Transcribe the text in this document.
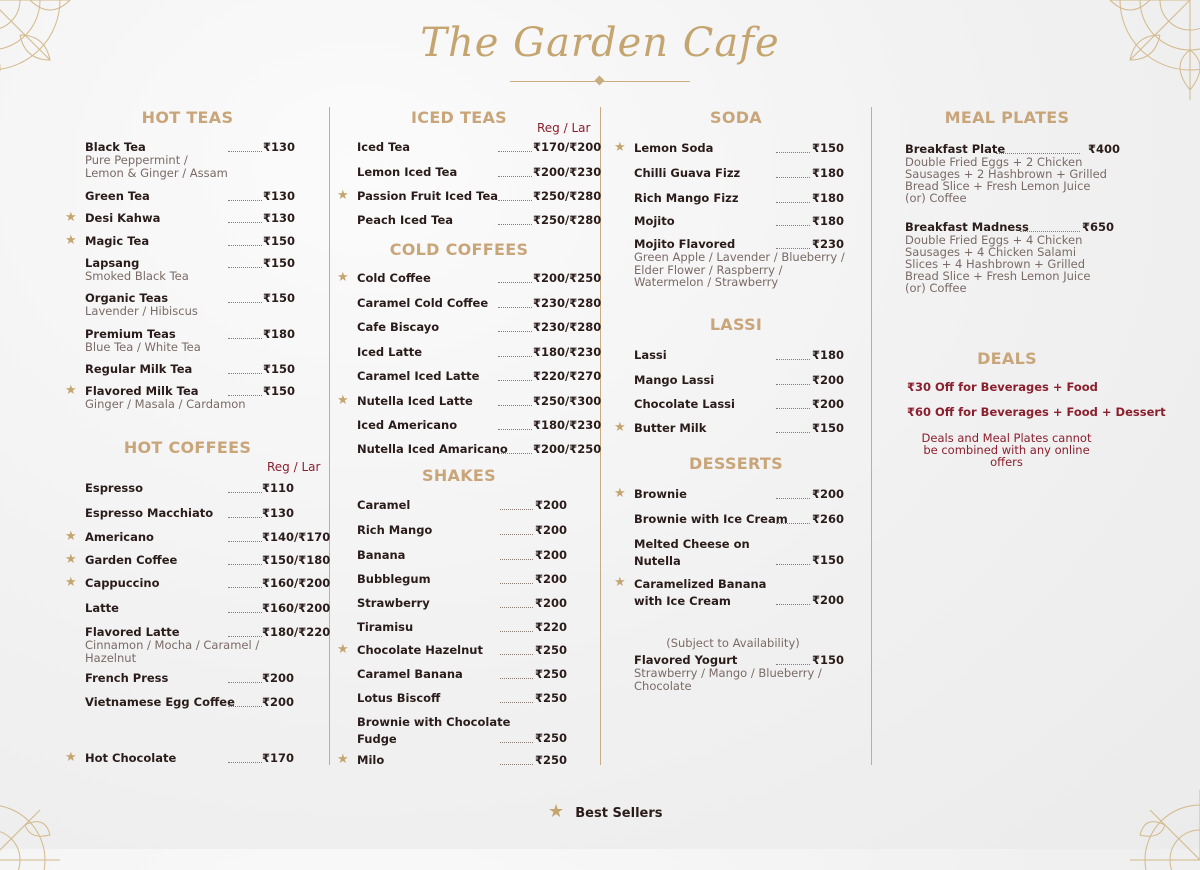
The Garden Cafe
HOT TEAS
HOT COFFEES
Reg / Lar
ICED TEAS
Reg / Lar
COLD COFFEES
SHAKES
SODA
LASSI
DESSERTS
MEAL PLATES
DEALS
Black Tea
Pure Peppermint /
Lemon & Ginger / Assam
₹130
Green Tea	₹130
Desi Kahwa	₹130
★
Magic Tea	₹150
★
Lapsang
Smoked Black Tea
₹150
Organic Teas
Lavender / Hibiscus
₹150
Premium Teas
Blue Tea / White Tea
₹180
Regular Milk Tea	₹150
Flavored Milk Tea
Ginger / Masala / Cardamon
₹150
★
Espresso	₹110
Espresso Macchiato	₹130
Americano	₹140/₹170
★
Garden Coffee	₹150/₹180
★
Cappuccino	₹160/₹200
★
Latte	₹160/₹200
Flavored Latte
Cinnamon / Mocha / Caramel /
Hazelnut
₹180/₹220
French Press	₹200
Vietnamese Egg Coffee	₹200
Hot Chocolate	₹170
★
Iced Tea	₹170/₹200
Lemon Iced Tea	₹200/₹230
Passion Fruit Iced Tea	₹250/₹280
★
Peach Iced Tea	₹250/₹280
Cold Coffee	₹200/₹250
★
Caramel Cold Coffee	₹230/₹280
Cafe Biscayo	₹230/₹280
Iced Latte	₹180/₹230
Caramel Iced Latte	₹220/₹270
Nutella Iced Latte	₹250/₹300
★
Iced Americano	₹180/₹230
Nutella Iced Amaricano	₹200/₹250
Caramel	₹200
Rich Mango	₹200
Banana	₹200
Bubblegum	₹200
Strawberry	₹200
Tiramisu	₹220
Chocolate Hazelnut	₹250
★
Caramel Banana	₹250
Lotus Biscoff	₹250
Brownie with Chocolate
Fudge	₹250
Milo	₹250
★
Lemon Soda	₹150
★
Chilli Guava Fizz	₹180
Rich Mango Fizz	₹180
Mojito	₹180
Mojito Flavored
Green Apple / Lavender / Blueberry /
Elder Flower / Raspberry /
Watermelon / Strawberry
₹230
Lassi	₹180
Mango Lassi	₹200
Chocolate Lassi	₹200
Butter Milk	₹150
★
Brownie	₹200
★
Brownie with Ice Cream	₹260
Melted Cheese on
Nutella	₹150
Caramelized Banana
with Ice Cream	₹200
★
Flavored Yogurt
Strawberry / Mango / Blueberry /
Chocolate
₹150
Breakfast Plate
Double Fried Eggs + 2 Chicken
Sausages + 2 Hashbrown + Grilled
Bread Slice + Fresh Lemon Juice
(or) Coffee
₹400
Breakfast Madness
Double Fried Eggs + 4 Chicken
Sausages + 4 Chicken Salami
Slices + 4 Hashbrown + Grilled
Bread Slice + Fresh Lemon Juice
(or) Coffee
₹650
₹30 Off for Beverages + Food
₹60 Off for Beverages + Food + Dessert
Deals and Meal Plates cannot
be combined with any online
offers
(Subject to Availability)
★ Best Sellers
